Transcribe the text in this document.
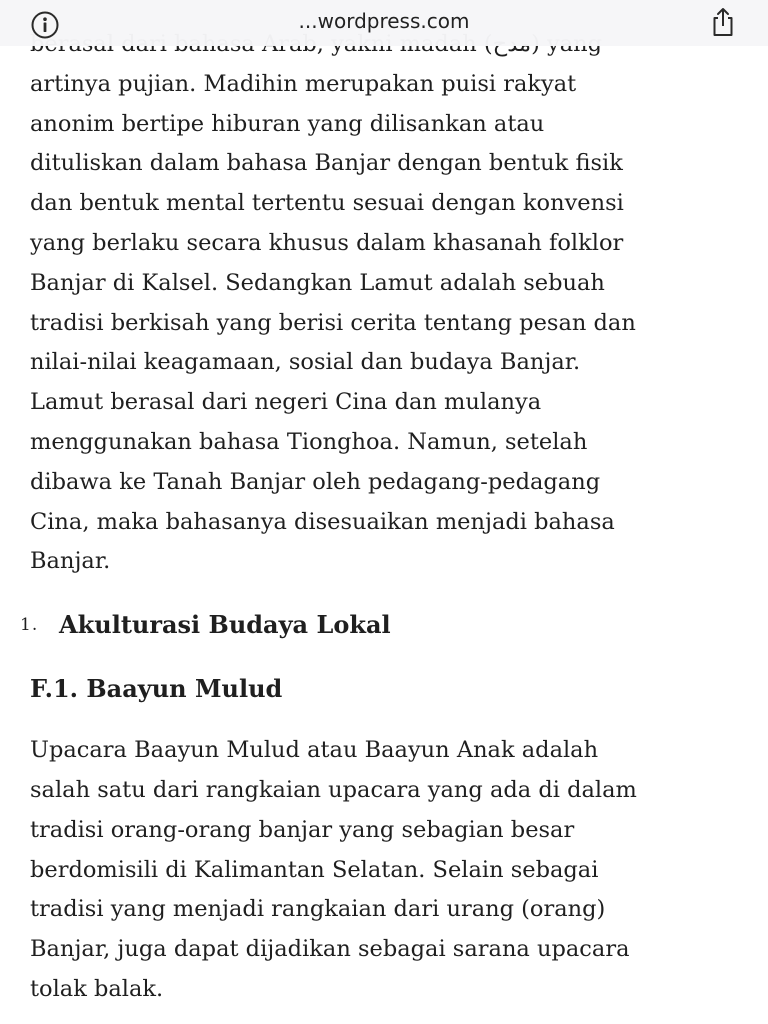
artinya pujian. Madihin merupakan puisi rakyat
anonim bertipe hiburan yang dilisankan atau
dituliskan dalam bahasa Banjar dengan bentuk fisik
dan bentuk mental tertentu sesuai dengan konvensi
yang berlaku secara khusus dalam khasanah folklor
Banjar di Kalsel. Sedangkan Lamut adalah sebuah
tradisi berkisah yang berisi cerita tentang pesan dan
nilai-nilai keagamaan, sosial dan budaya Banjar.
Lamut berasal dari negeri Cina dan mulanya
menggunakan bahasa Tionghoa. Namun, setelah
dibawa ke Tanah Banjar oleh pedagang-pedagang
Cina, maka bahasanya disesuaikan menjadi bahasa
Banjar.

1. Akulturasi Budaya Lokal
F.1. Baayun Mulud

Upacara Baayun Mulud atau Baayun Anak adalah
salah satu dari rangkaian upacara yang ada di dalam
tradisi orang-orang banjar yang sebagian besar
berdomisili di Kalimantan Selatan. Selain sebagai
tradisi yang menjadi rangkaian dari urang (orang)
Banjar, juga dapat dijadikan sebagai sarana upacara
tolak balak.

...wordpress.com
